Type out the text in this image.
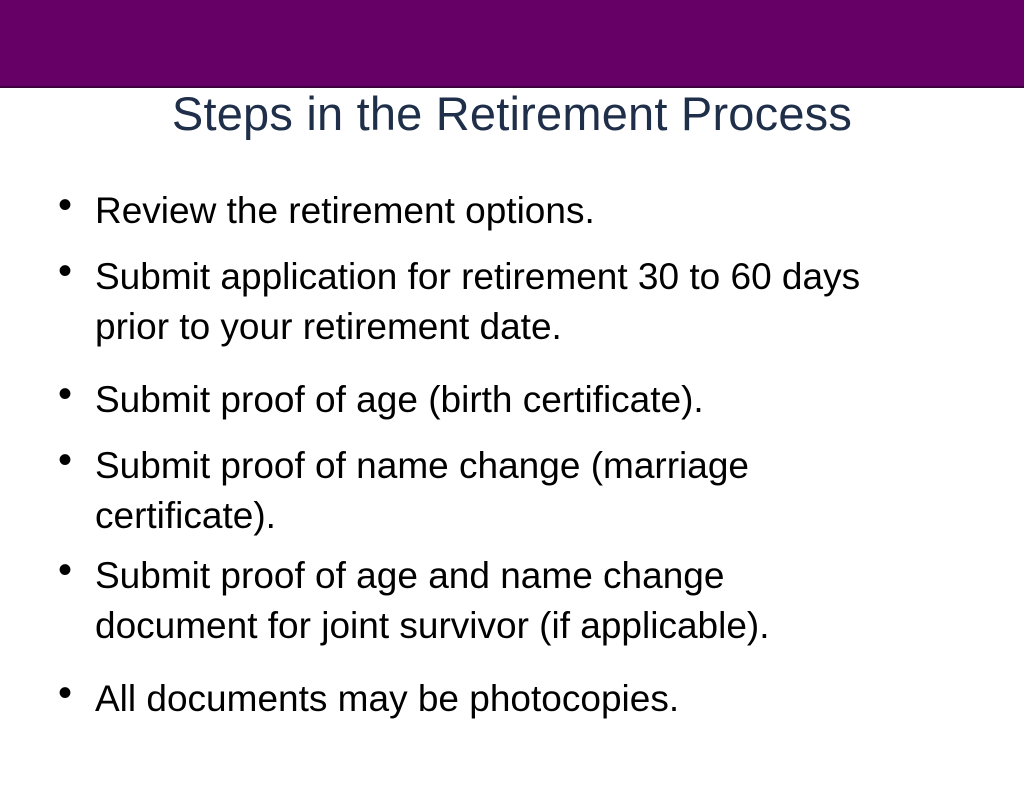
Steps in the Retirement Process
• Review the retirement options.
• Submit application for retirement 30 to 60 days
prior to your retirement date.
• Submit proof of age (birth certificate).
• Submit proof of name change (marriage
certificate).
• Submit proof of age and name change
document for joint survivor (if applicable).
• All documents may be photocopies.
